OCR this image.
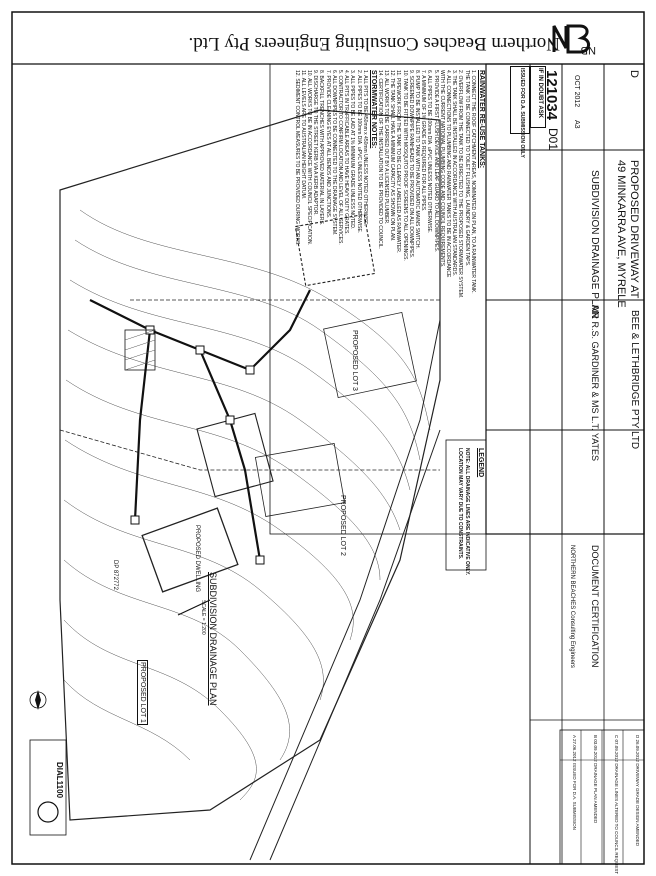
Northern Beaches Consulting Engineers Pty Ltd. NB
PROPOSED DRIVEWAY AT
49 MINKARRA AVE, MYRELE
SUBDIVISION DRAINAGE PLAN
BEE & LETHBRIDGE PTY LTD
MR R.S. GARDINER & MS L.T. YATES
121034
D01
D
OCT 2012
A3
IF IN DOUBT ASK
ISSUED FOR D.A. SUBMISSION ONLY
DOCUMENT CERTIFICATION
NORTHERN BEACHES Consulting Engineers
D 26.09.2012 DRIVEWAY GRADE DESIGN AMENDED
C 07.09.2012 DRAINAGE LINES ALTERED TO COUNCIL REQUEST
B 03.09.2012 DRAINAGE PLAN AMENDED
A 27.06.2012 ISSUED FOR D.A. SUBMISSION
RAINWATER RE-USE TANKS:
1. CONNECT THE ROOF CATCHMENT AREAS, NOMINATED ON PLAN, TO A RAINWATER TANK.
THE TANK TO BE CONNECTED TO TOILET FLUSHING, LAUNDRY & GARDEN TAPS.
2. OVERFLOW FROM THE TANK TO BE DIRECTED TO THE PROPOSED STORMWATER SYSTEM.
3. THE TANK SHALL BE INSTALLED IN ACCORDANCE WITH AUSTRALIAN STANDARDS.
4. ALL CONNECTIONS TO PLUMBING AND RAINWATER TANKS TO BE IN ACCORDANCE
WITH THE CURRENT NATIONAL PLUMBING CODE AND COUNCIL REQUIREMENTS.
5. PROVIDE A FIRST FLUSH DEVICE AND LEAF GUARD TO ALL DOWNPIPES.
6. ALL PIPES TO BE 100mm DIA. uPVC UNLESS NOTED OTHERWISE.
7. A MINIMUM OF 1% GRADE IS REQUIRED FOR ALL PIPES.
8. PUMP TO BE INSTALLED TO TANK WITH AN AUTOMATIC MAINS SWITCH.
9. SCREENED DOWNPIPE RAINHEADS TO BE PROVIDED ON ALL DOWNPIPES.
10. TANK TO BE FITTED WITH MOSQUITO PROOF SCREENS TO ALL OPENINGS.
11. PIPEWORK FROM THE TANK TO BE CLEARLY LABELLED AS RAINWATER.
12. THE TANK SHALL HAVE A MINIMUM CAPACITY AS SHOWN ON PLAN.
13. ALL WORKS TO BE CARRIED OUT BY A LICENSED PLUMBER.
14. CERTIFICATION OF THE INSTALLATION TO BE PROVIDED TO COUNCIL.
STORMWATER NOTES:
1. ALL PITS TO BE 450mm x 450mm UNLESS NOTED OTHERWISE.
2. ALL PIPES TO BE 100mm DIA. uPVC UNLESS NOTED OTHERWISE.
3. ALL PIPES TO BE LAID AT 1% MINIMUM GRADE UNLESS NOTED.
4. ALL PITS IN TRAFFICABLE AREAS TO HAVE HEAVY DUTY GRATES.
5. CONTRACTOR TO CONFIRM LOCATION AND LEVEL OF ALL SERVICES.
6. ALL DOWNPIPES TO BE CONNECTED TO THE DRAINAGE SYSTEM.
7. PROVIDE CLEANING EYES AT ALL BENDS AND JUNCTIONS.
8. BACKFILL TRENCHES WITH APPROVED MATERIAL IN LAYERS.
9. DISCHARGE TO THE STREET KERB VIA A KERB ADAPTOR.
10. ALL WORKS TO BE IN ACCORDANCE WITH COUNCIL SPECIFICATION.
11. ALL LEVELS ARE TO AUSTRALIAN HEIGHT DATUM.
12. SEDIMENT CONTROL MEASURES TO BE PROVIDED DURING WORKS.
LEGEND
NOTE: ALL DRAINAGE LINES ARE INDICATIVE ONLY.
LOCATION MAY VARY DUE TO CONSTRAINTS.
SUBDIVISION DRAINAGE PLAN
SCALE = 1:200
PROPOSED LOT 1
PROPOSED LOT 2
PROPOSED LOT 3
PROPOSED DWELLING
DP 872772
DIAL1100
